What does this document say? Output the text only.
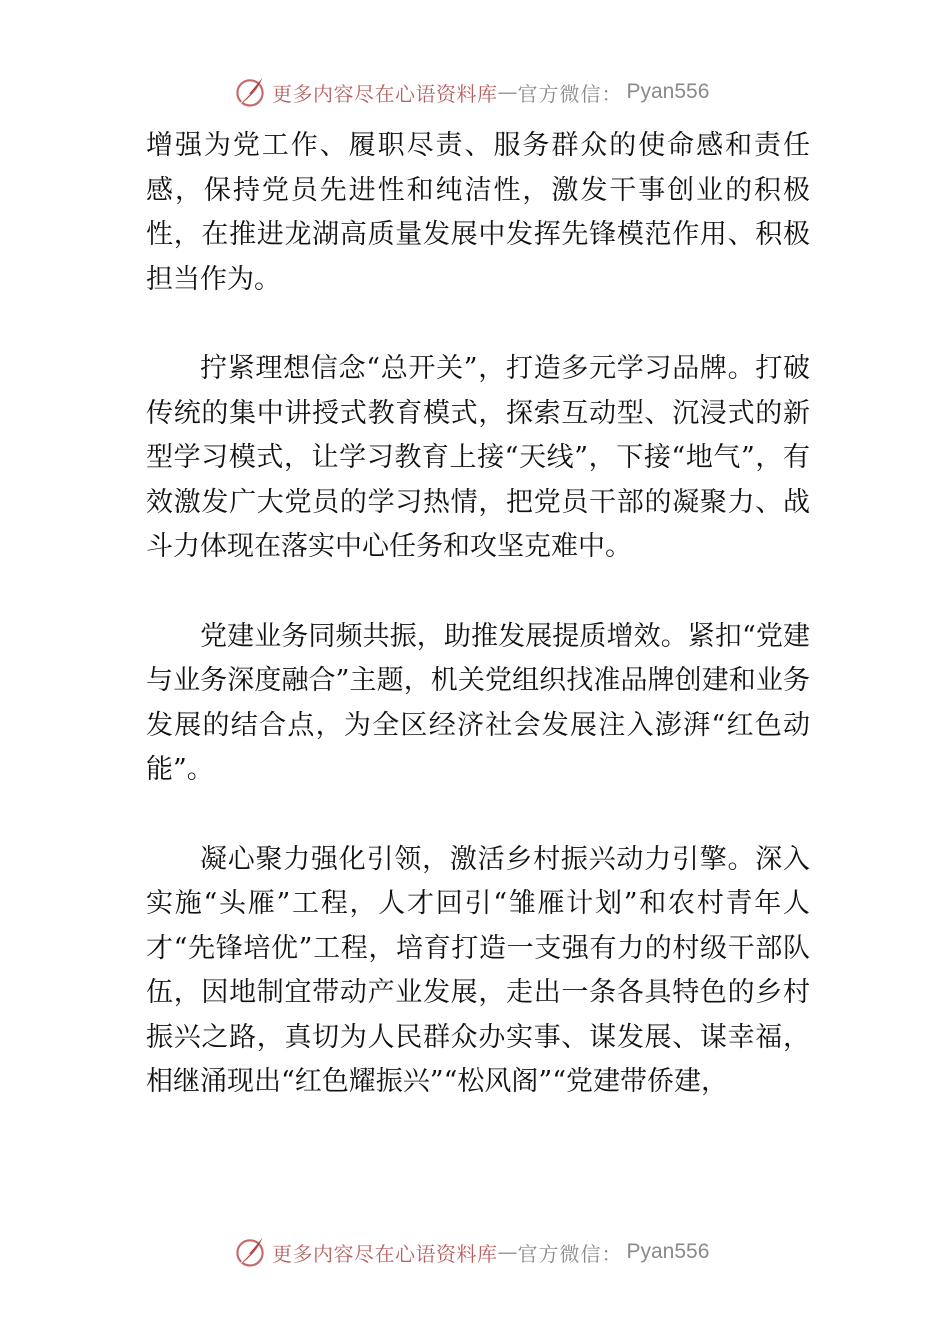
更多内容尽在心语资料库 — 官方微信： Pyan556

增强为党工作、履职尽责、服务群众的使命感和责任感，保持党员先进性和纯洁性，激发干事创业的积极性，在推进龙湖高质量发展中发挥先锋模范作用、积极担当作为。

拧紧理想信念“总开关”，打造多元学习品牌。打破传统的集中讲授式教育模式，探索互动型、沉浸式的新型学习模式，让学习教育上接“天线”，下接“地气”，有效激发广大党员的学习热情，把党员干部的凝聚力、战斗力体现在落实中心任务和攻坚克难中。

党建业务同频共振，助推发展提质增效。紧扣“党建与业务深度融合”主题，机关党组织找准品牌创建和业务发展的结合点，为全区经济社会发展注入澎湃“红色动能”。

凝心聚力强化引领，激活乡村振兴动力引擎。深入实施“头雁”工程，人才回引“雏雁计划”和农村青年人才“先锋培优”工程，培育打造一支强有力的村级干部队伍，因地制宜带动产业发展，走出一条各具特色的乡村振兴之路，真切为人民群众办实事、谋发展、谋幸福，相继涌现出“红色耀振兴”“松风阁”“党建带侨建，

更多内容尽在心语资料库 — 官方微信： Pyan556
